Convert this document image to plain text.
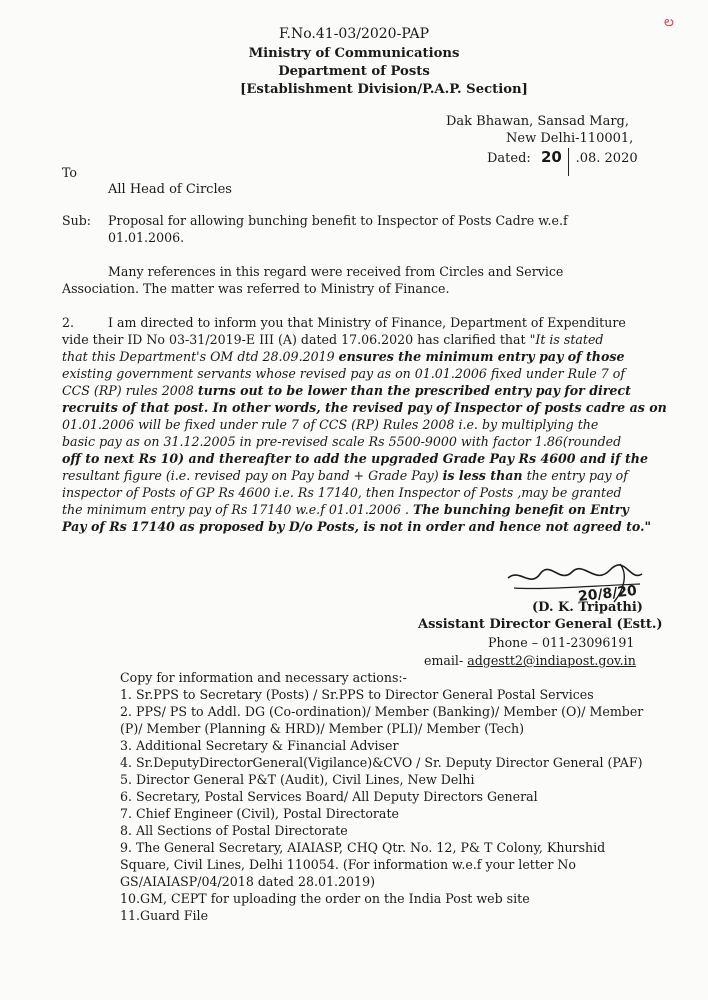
ల
F.No.41-03/2020-PAP
Ministry of Communications
Department of Posts
[Establishment Division/P.A.P. Section]
Dak Bhawan, Sansad Marg,
New Delhi-110001,
Dated: 20 .08. 2020
To
All Head of Circles
Sub: Proposal for allowing bunching benefit to Inspector of Posts Cadre w.e.f
01.01.2006.
Many references in this regard were received from Circles and Service
Association. The matter was referred to Ministry of Finance.
2.	I am directed to inform you that Ministry of Finance, Department of Expenditure
vide their ID No 03-31/2019-E III (A) dated 17.06.2020 has clarified that "It is stated
that this Department's OM dtd 28.09.2019 ensures the minimum entry pay of those
existing government servants whose revised pay as on 01.01.2006 fixed under Rule 7 of
CCS (RP) rules 2008 turns out to be lower than the prescribed entry pay for direct
recruits of that post. In other words, the revised pay of Inspector of posts cadre as on
01.01.2006 will be fixed under rule 7 of CCS (RP) Rules 2008 i.e. by multiplying the
basic pay as on 31.12.2005 in pre-revised scale Rs 5500-9000 with factor 1.86(rounded
off to next Rs 10) and thereafter to add the upgraded Grade Pay Rs 4600 and if the
resultant figure (i.e. revised pay on Pay band + Grade Pay) is less than the entry pay of
inspector of Posts of GP Rs 4600 i.e. Rs 17140, then Inspector of Posts ,may be granted
the minimum entry pay of Rs 17140 w.e.f 01.01.2006 . The bunching benefit on Entry
Pay of Rs 17140 as proposed by D/o Posts, is not in order and hence not agreed to."
20/8/20
(D. K. Tripathi)
Assistant Director General (Estt.)
Phone – 011-23096191
email- adgestt2@indiapost.gov.in
Copy for information and necessary actions:-
1. Sr.PPS to Secretary (Posts) / Sr.PPS to Director General Postal Services
2. PPS/ PS to Addl. DG (Co-ordination)/ Member (Banking)/ Member (O)/ Member
(P)/ Member (Planning & HRD)/ Member (PLI)/ Member (Tech)
3. Additional Secretary & Financial Adviser
4. Sr.DeputyDirectorGeneral(Vigilance)&CVO / Sr. Deputy Director General (PAF)
5. Director General P&T (Audit), Civil Lines, New Delhi
6. Secretary, Postal Services Board/ All Deputy Directors General
7. Chief Engineer (Civil), Postal Directorate
8. All Sections of Postal Directorate
9. The General Secretary, AIAIASP, CHQ Qtr. No. 12, P& T Colony, Khurshid
Square, Civil Lines, Delhi 110054. (For information w.e.f your letter No
GS/AIAIASP/04/2018 dated 28.01.2019)
10.GM, CEPT for uploading the order on the India Post web site
11.Guard File
